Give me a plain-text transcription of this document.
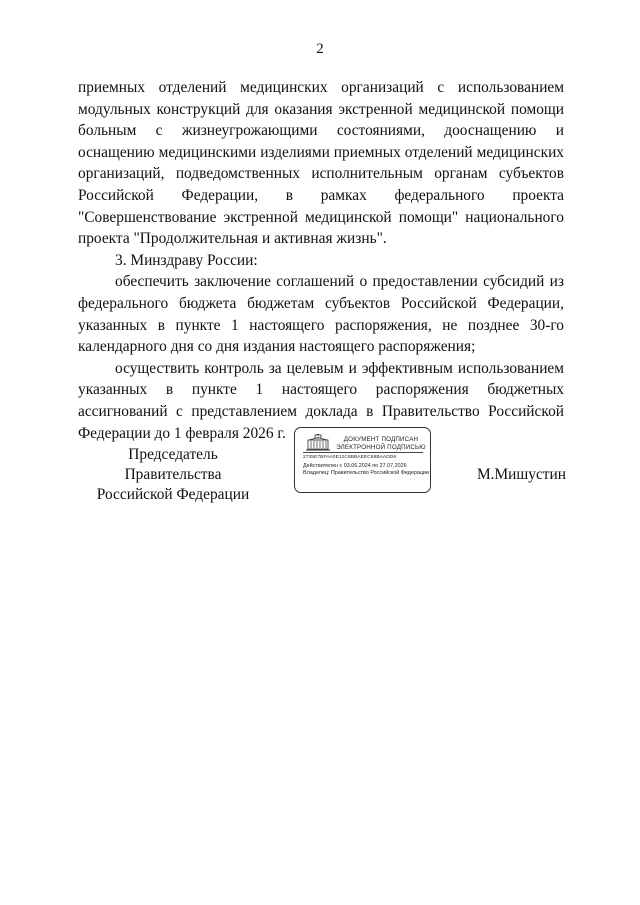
2

приемных отделений медицинских организаций с использованием модульных конструкций для оказания экстренной медицинской помощи больным с жизнеугрожающими состояниями, дооснащению и оснащению медицинскими изделиями приемных отделений медицинских организаций, подведомственных исполнительным органам субъектов Российской Федерации, в рамках федерального проекта "Совершенствование экстренной медицинской помощи" национального проекта "Продолжительная и активная жизнь".

3. Минздраву России:

обеспечить заключение соглашений о предоставлении субсидий из федерального бюджета бюджетам субъектов Российской Федерации, указанных в пункте 1 настоящего распоряжения, не позднее 30-го календарного дня со дня издания настоящего распоряжения;

осуществить контроль за целевым и эффективным использованием указанных в пункте 1 настоящего распоряжения бюджетных ассигнований с представлением доклада в Правительство Российской Федерации до 1 февраля 2026 г.

Председатель Правительства
Российской Федерации
ДОКУМЕНТ ПОДПИСАН
ЭЛЕКТРОННОЙ ПОДПИСЬЮ
2735E7BFAA0E12C6BBAEEC68BAADD6
Действителен с 03.06.2024 по 27.07.2026
Владелец: Правительство Российской Федерации	М.Мишустин
